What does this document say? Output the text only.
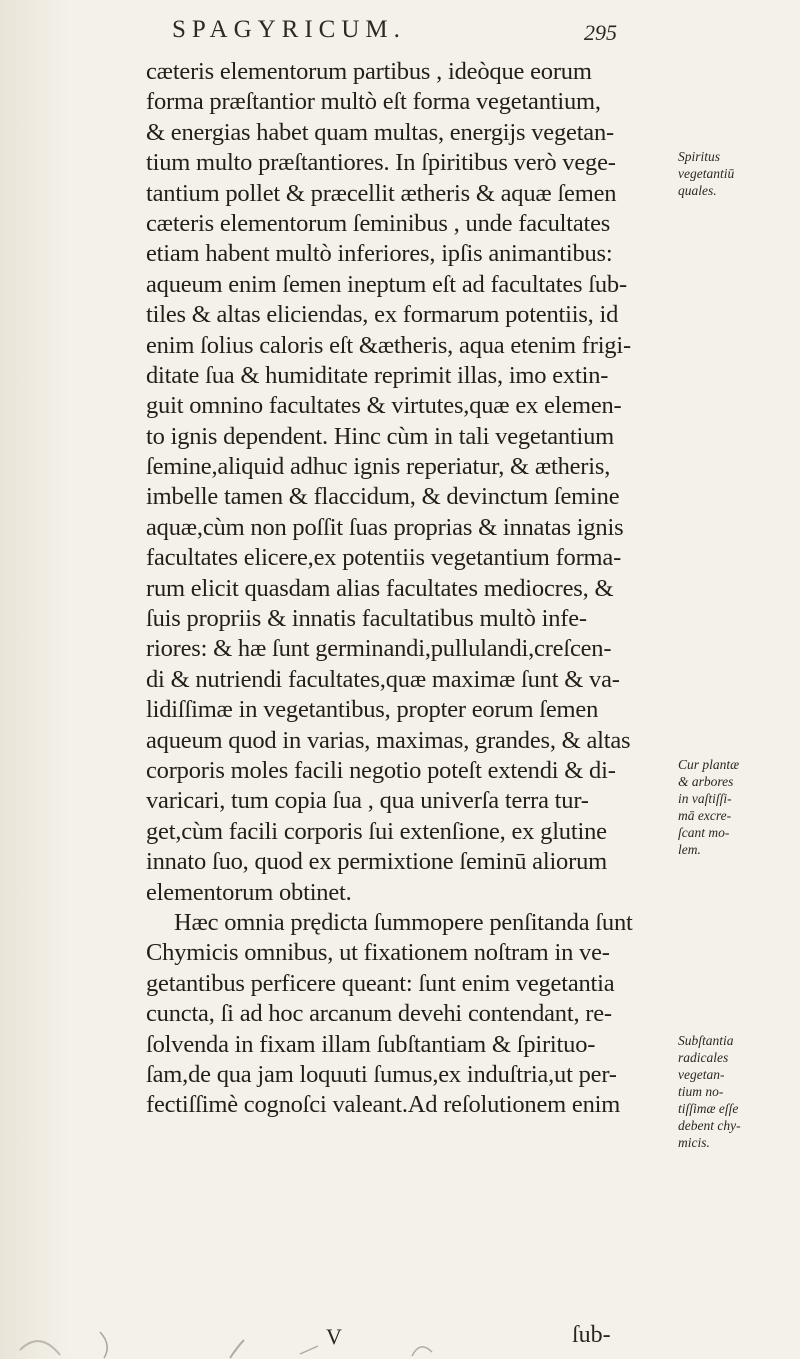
SPAGYRICUM.	295
cæteris elementorum partibus , ideòque eorum
forma præſtantior multò eſt forma vegetantium,
& energias habet quam multas, energijs vegetan-
tium multo præſtantiores. In ſpiritibus verò vege-
tantium pollet & præcellit ætheris & aquæ ſemen
cæteris elementorum ſeminibus , unde facultates
etiam habent multò inferiores, ipſis animantibus:
aqueum enim ſemen ineptum eſt ad facultates ſub-
tiles & altas eliciendas, ex formarum potentiis, id
enim ſolius caloris eſt &ætheris, aqua etenim frigi-
ditate ſua & humiditate reprimit illas, imo extin-
guit omnino facultates & virtutes,quæ ex elemen-
to ignis dependent. Hinc cùm in tali vegetantium
ſemine,aliquid adhuc ignis reperiatur, & ætheris,
imbelle tamen & flaccidum, & devinctum ſemine
aquæ,cùm non poſſit ſuas proprias & innatas ignis
facultates elicere,ex potentiis vegetantium forma-
rum elicit quasdam alias facultates mediocres, &
ſuis propriis & innatis facultatibus multò infe-
riores: & hæ ſunt germinandi,pullulandi,creſcen-
di & nutriendi facultates,quæ maximæ ſunt & va-
lidiſſimæ in vegetantibus, propter eorum ſemen
aqueum quod in varias, maximas, grandes, & altas
corporis moles facili negotio poteſt extendi & di-
varicari, tum copia ſua , qua univerſa terra tur-
get,cùm facili corporis ſui extenſione, ex glutine
innato ſuo, quod ex permixtione ſeminū aliorum
elementorum obtinet.
Hæc omnia prędicta ſummopere penſitanda ſunt
Chymicis omnibus, ut fixationem noſtram in ve-
getantibus perficere queant: ſunt enim vegetantia
cuncta, ſi ad hoc arcanum devehi contendant, re-
ſolvenda in fixam illam ſubſtantiam & ſpirituo-
ſam,de qua jam loquuti ſumus,ex induſtria,ut per-
fectiſſimè cognoſci valeant.Ad reſolutionem enim
Spiritus
vegetantiū
quales.
Cur plantæ
& arbores
in vaſtiſſi-
mā excre-
ſcant mo-
lem.
Subſtantia
radicales
vegetan-
tium no-
tiſſimæ eſſe
debent chy-
micis.
V	ſub-
